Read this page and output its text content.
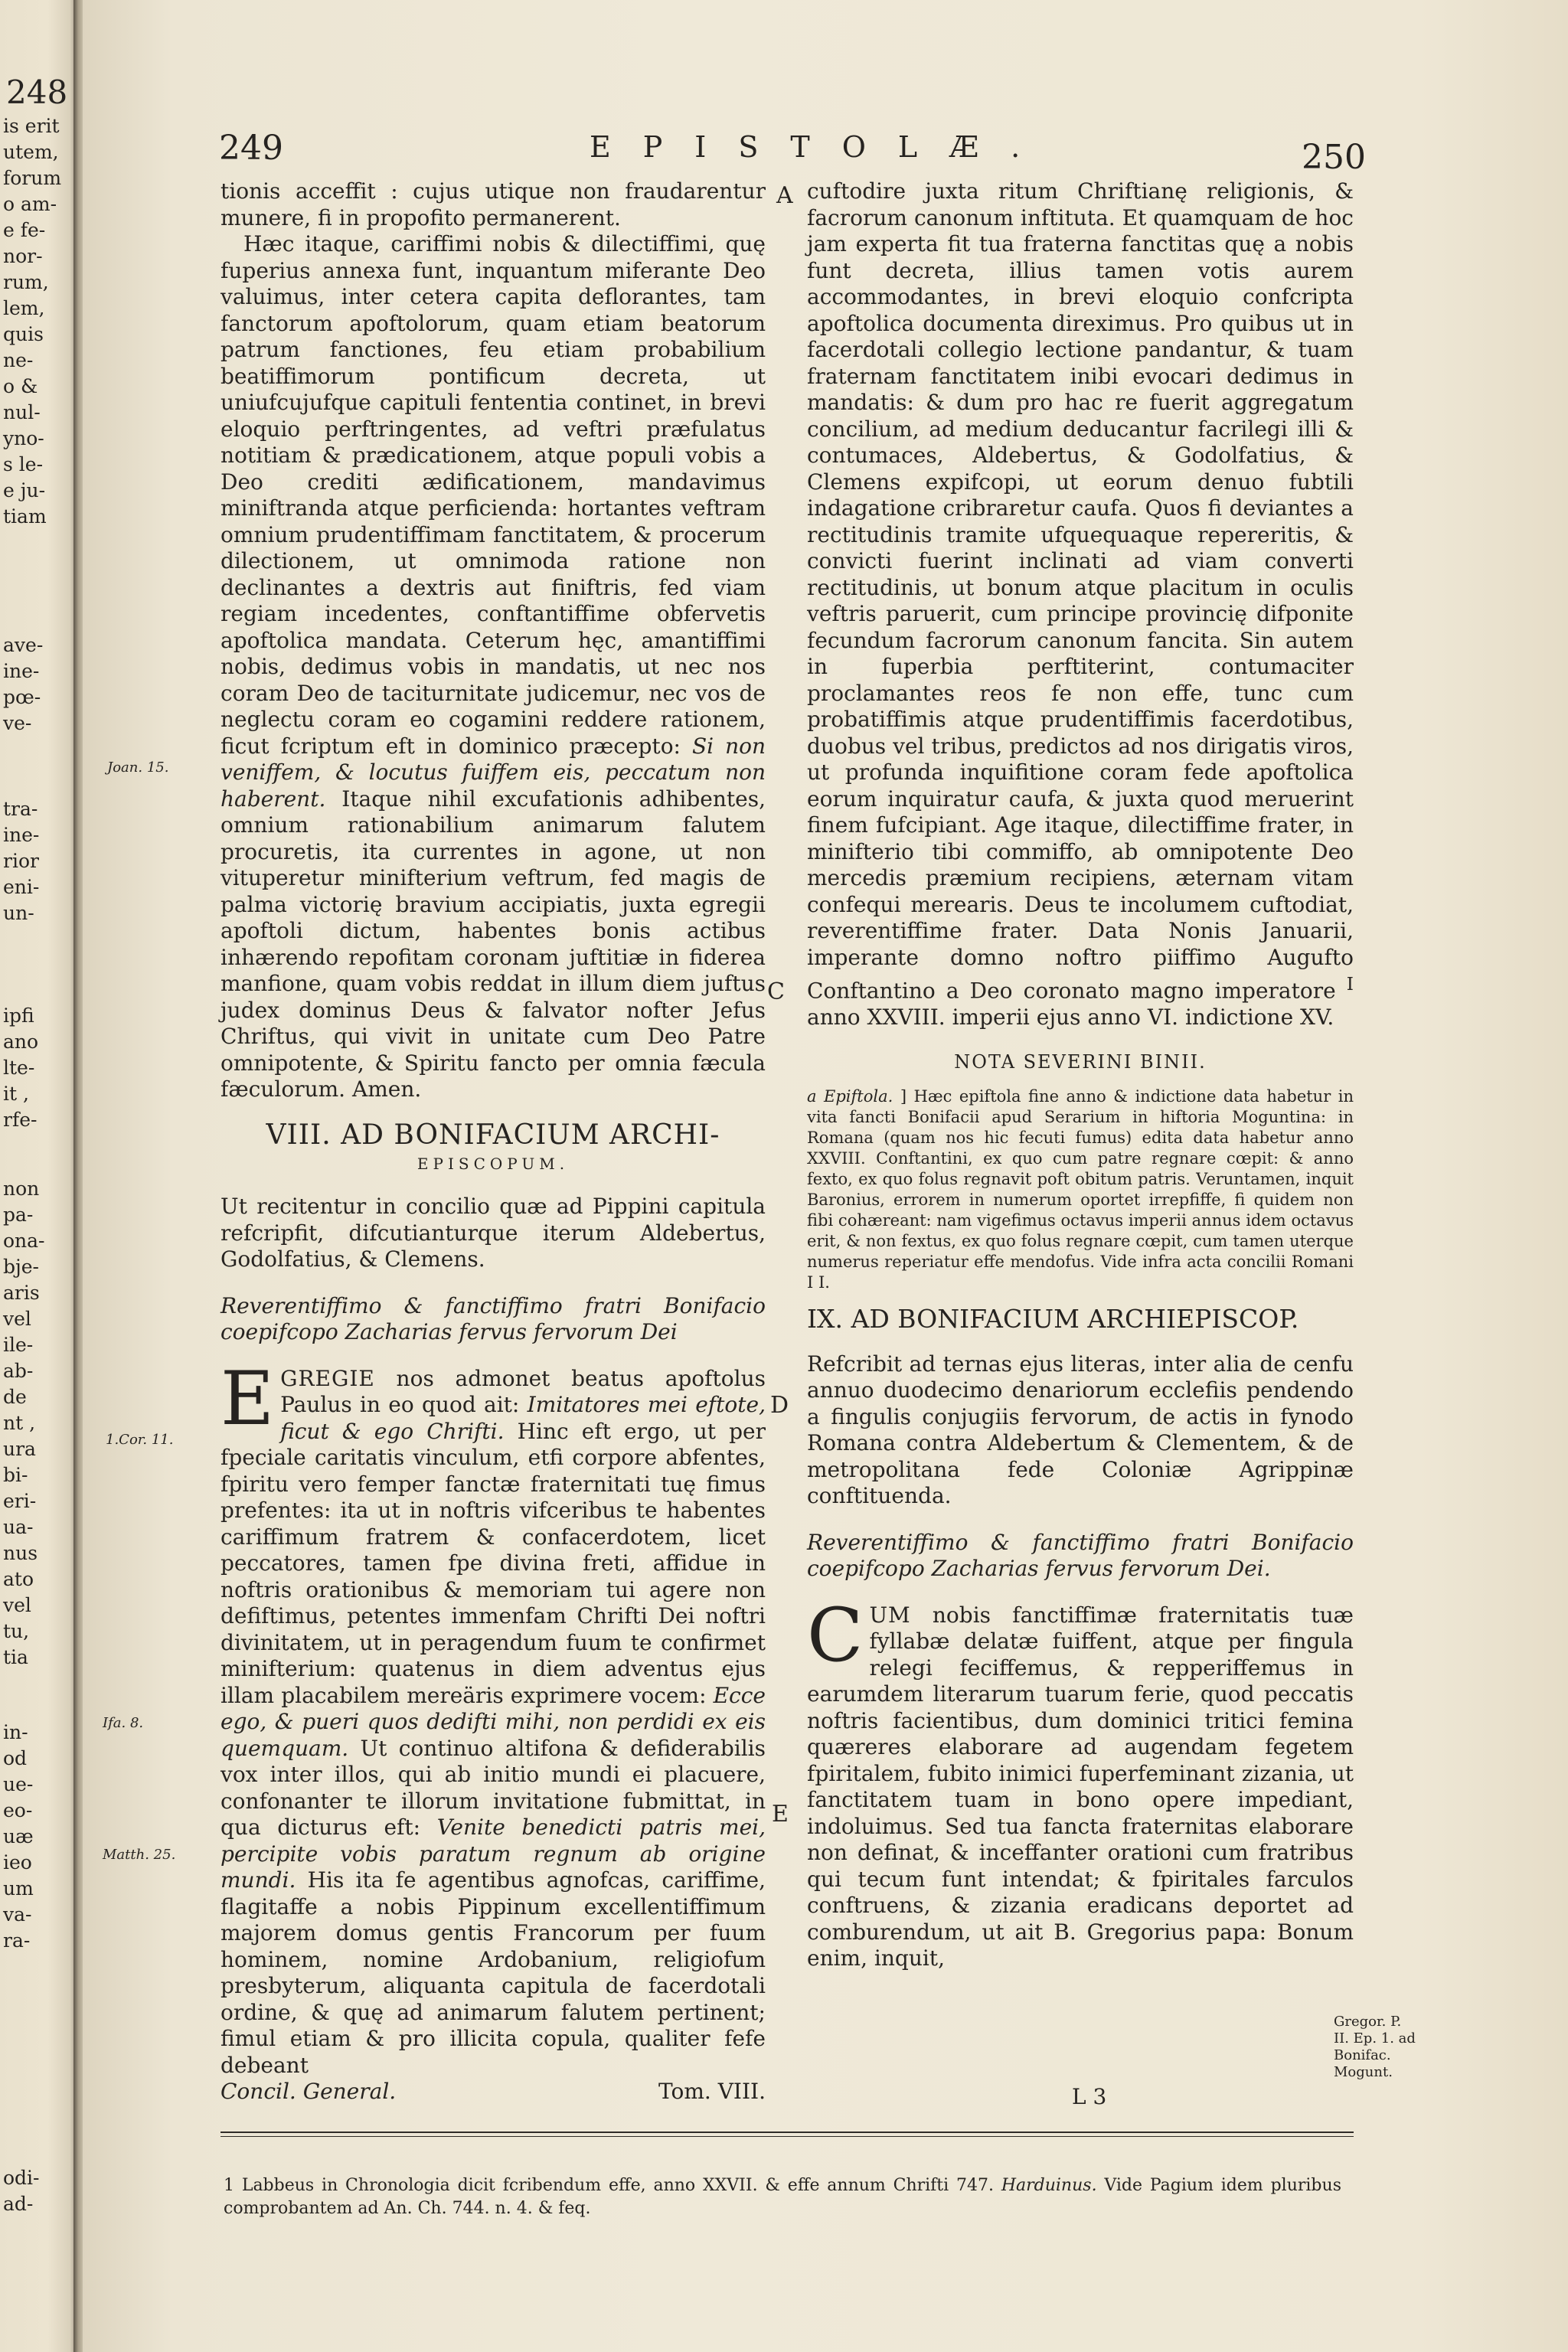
248
is erit
utem,
forum
o am-
e fe-
nor-
rum,
lem,
quis
ne-
o &
nul-
yno-
s le-
e ju-
tiam
ave-
ine-
pœ-
ve-
tra-
ine-
rior
eni-
un-
ipfi
ano
lte-
it ,
rfe-
non
pa-
ona-
bje-
aris
vel
ile-
ab-
de
nt ,
ura
bi-
eri-
ua-
nus
ato
vel
tu,
tia
in-
od
ue-
eo-
uæ
ieo
um
va-
ra-
odi-
ad-
249	EPISTOLÆ.	250

tionis acceffit : cujus utique non fraudarentur munere, fi in propofito permanerent.

Hæc itaque, cariffimi nobis & dilectiffimi, quę fuperius annexa funt, inquantum miferante Deo valuimus, inter cetera capita deflorantes, tam fanctorum apoftolorum, quam etiam beatorum patrum fanctiones, feu etiam probabilium beatiffimorum pontificum decreta, ut uniufcujufque capituli fententia continet, in brevi eloquio perftringentes, ad veftri præfulatus notitiam & prædicationem, atque populi vobis a Deo crediti ædificationem, mandavimus miniftranda atque perficienda: hortantes veftram omnium prudentiffimam fanctitatem, & procerum dilectionem, ut omnimoda ratione non declinantes a dextris aut finiftris, fed viam regiam incedentes, conftantiffime obfervetis apoftolica mandata. Ceterum hęc, amantiffimi nobis, dedimus vobis in mandatis, ut nec nos coram Deo de taciturnitate judicemur, nec vos de neglectu coram eo cogamini reddere rationem, ficut fcriptum eft in dominico præcepto: Si non veniffem, & locutus fuiffem eis, peccatum non haberent. Itaque nihil excufationis adhibentes, omnium rationabilium animarum falutem procuretis, ita currentes in agone, ut non vituperetur minifterium veftrum, fed magis de palma victorię bravium accipiatis, juxta egregii apoftoli dictum, habentes bonis actibus inhærendo repofitam coronam juftitiæ in fiderea manfione, quam vobis reddat in illum diem juftus judex dominus Deus & falvator nofter Jefus Chriftus, qui vivit in unitate cum Deo Patre omnipotente, & Spiritu fancto per omnia fæcula fæculorum. Amen.

VIII. AD BONIFACIUM ARCHI-

EPISCOPUM.

Ut recitentur in concilio quæ ad Pippini capitula refcripfit, difcutianturque iterum Aldebertus, Godolfatius, & Clemens.

Reverentiffimo & fanctiffimo fratri Bonifacio coepifcopo Zacharias fervus fervorum Dei

EGREGIE nos admonet beatus apoftolus Paulus in eo quod ait: Imitatores mei eftote, ficut & ego Chrifti. Hinc eft ergo, ut per fpeciale caritatis vinculum, etfi corpore abfentes, fpiritu vero femper fanctæ fraternitati tuę fimus prefentes: ita ut in noftris vifceribus te habentes cariffimum fratrem & confacerdotem, licet peccatores, tamen fpe divina freti, affidue in noftris orationibus & memoriam tui agere non defiftimus, petentes immenfam Chrifti Dei noftri divinitatem, ut in peragendum fuum te confirmet minifterium: quatenus in diem adventus ejus illam placabilem mereäris exprimere vocem: Ecce ego, & pueri quos dedifti mihi, non perdidi ex eis quemquam. Ut continuo altifona & defiderabilis vox inter illos, qui ab initio mundi ei placuere, confonanter te illorum invitatione fubmittat, in qua dicturus eft: Venite benedicti patris mei, percipite vobis paratum regnum ab origine mundi. His ita fe agentibus agnofcas, cariffime, flagitaffe a nobis Pippinum excellentiffimum majorem domus gentis Francorum per fuum hominem, nomine Ardobanium, religiofum presbyterum, aliquanta capitula de facerdotali ordine, & quę ad animarum falutem pertinent; fimul etiam & pro illicita copula, qualiter fefe debeant

Concil. General.	Tom. VIII.

cuftodire juxta ritum Chriftianę religionis, & facrorum canonum inftituta. Et quamquam de hoc jam experta fit tua fraterna fanctitas quę a nobis funt decreta, illius tamen votis aurem accommodantes, in brevi eloquio confcripta apoftolica documenta direximus. Pro quibus ut in facerdotali collegio lectione pandantur, & tuam fraternam fanctitatem inibi evocari dedimus in mandatis: & dum pro hac re fuerit aggregatum concilium, ad medium deducantur facrilegi illi & contumaces, Aldebertus, & Godolfatius, & Clemens expifcopi, ut eorum denuo fubtili indagatione cribraretur caufa. Quos fi deviantes a rectitudinis tramite ufquequaque repereritis, & convicti fuerint inclinati ad viam converti rectitudinis, ut bonum atque placitum in oculis veftris paruerit, cum principe provincię difponite fecundum facrorum canonum fancita. Sin autem in fuperbia perftiterint, contumaciter proclamantes reos fe non effe, tunc cum probatiffimis atque prudentiffimis facerdotibus, duobus vel tribus, predictos ad nos dirigatis viros, ut profunda inquifitione coram fede apoftolica eorum inquiratur caufa, & juxta quod meruerint finem fufcipiant. Age itaque, dilectiffime frater, in minifterio tibi commiffo, ab omnipotente Deo mercedis præmium recipiens, æternam vitam confequi merearis. Deus te incolumem cuftodiat, reverentiffime frater. Data Nonis Januarii, imperante domno noftro piiffimo Augufto Conftantino a Deo coronato magno imperatore $^I$ anno XXVIII. imperii ejus anno VI. indictione XV.

NOTA SEVERINI BINII.

a Epiftola. ] Hæc epiftola fine anno & indictione data habetur in vita fancti Bonifacii apud Serarium in hiftoria Moguntina: in Romana (quam nos hic fecuti fumus) edita data habetur anno XXVIII. Conftantini, ex quo cum patre regnare cœpit: & anno fexto, ex quo folus regnavit poft obitum patris. Veruntamen, inquit Baronius, errorem in numerum oportet irrepfiffe, fi quidem non fibi cohæreant: nam vigefimus octavus imperii annus idem octavus erit, & non fextus, ex quo folus regnare cœpit, cum tamen uterque numerus reperiatur effe mendofus. Vide infra acta concilii Romani I I.

IX. AD BONIFACIUM ARCHIEPISCOP.

Refcribit ad ternas ejus literas, inter alia de cenfu annuo duodecimo denariorum ecclefiis pendendo a fingulis conjugiis fervorum, de actis in fynodo Romana contra Aldebertum & Clementem, & de metropolitana fede Coloniæ Agrippinæ conftituenda.

Reverentiffimo & fanctiffimo fratri Bonifacio coepifcopo Zacharias fervus fervorum Dei.

CUM nobis fanctiffimæ fraternitatis tuæ fyllabæ delatæ fuiffent, atque per fingula relegi feciffemus, & repperiffemus in earumdem literarum tuarum ferie, quod peccatis noftris facientibus, dum dominici tritici femina quæreres elaborare ad augendam fegetem fpiritalem, fubito inimici fuperfeminant zizania, ut fanctitatem tuam in bono opere impediant, indoluimus. Sed tua fancta fraternitas elaborare non definat, & inceffanter orationi cum fratribus qui tecum funt intendat; & fpiritales farculos conftruens, & zizania eradicans deportet ad comburendum, ut ait B. Gregorius papa: Bonum enim, inquit,

L 3
A
C
D
E
Joan. 15.
1.Cor. 11.
Ifa. 8.
Matth. 25.
Gregor. P.
II. Ep. 1. ad
Bonifac.
Mogunt.
1 Labbeus in Chronologia dicit fcribendum effe, anno XXVII. & effe annum Chrifti 747. Harduinus. Vide Pagium idem pluribus comprobantem ad An. Ch. 744. n. 4. & feq.
